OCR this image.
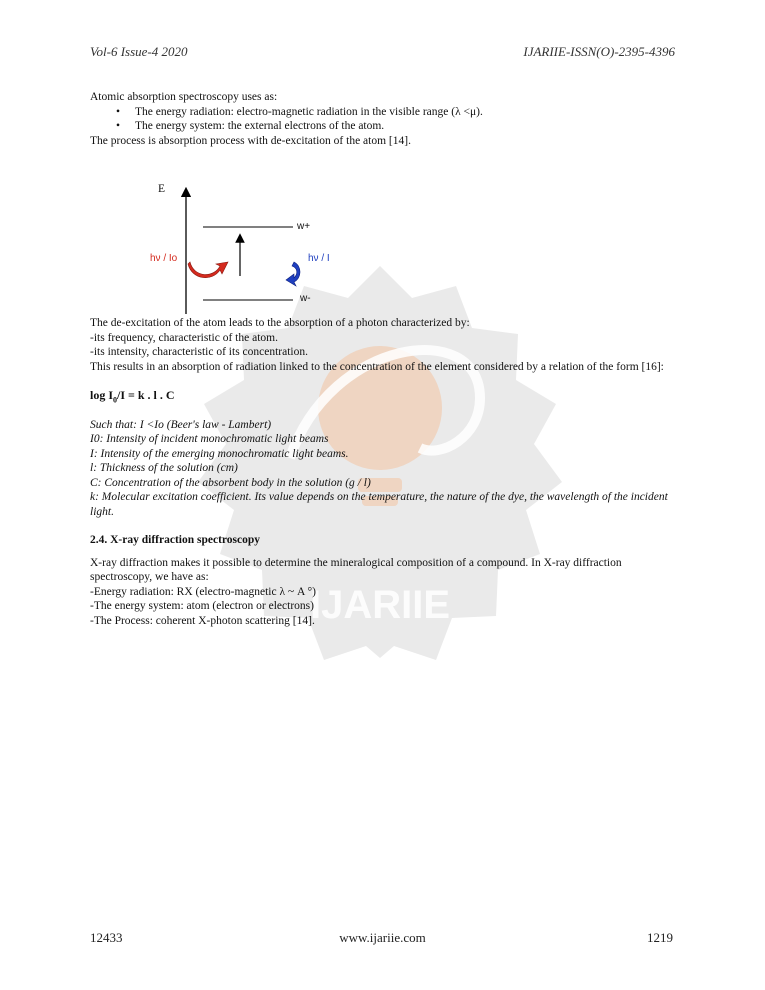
Vol-6 Issue-4 2020	IJARIIE-ISSN(O)-2395-4396
IJARIIE

Atomic absorption spectroscopy uses as:

• The energy radiation: electro-magnetic radiation in the visible range (λ <μ).
• The energy system: the external electrons of the atom.

The process is absorption process with de-excitation of the atom [14].

E
w+
w-
hν / Io	hν / I

The de-excitation of the atom leads to the absorption of a photon characterized by:

-its frequency, characteristic of the atom.

-its intensity, characteristic of its concentration.

This results in an absorption of radiation linked to the concentration of the element considered by a relation of the form [16]:

$\log I_0/I = k$ . l . C

Such that: I <Io (Beer's law - Lambert)

I0: Intensity of incident monochromatic light beams

I: Intensity of the emerging monochromatic light beams.

l: Thickness of the solution (cm)

C: Concentration of the absorbent body in the solution (g / l)

k: Molecular excitation coefficient. Its value depends on the temperature, the nature of the dye, the wavelength of the incident light.

2.4. X-ray diffraction spectroscopy

X-ray diffraction makes it possible to determine the mineralogical composition of a compound. In X-ray diffraction spectroscopy, we have as:

-Energy radiation: RX (electro-magnetic λ ~ A °)

-The energy system: atom (electron or electrons)

-The Process: coherent X-photon scattering [14].

12433	www.ijariie.com	1219
